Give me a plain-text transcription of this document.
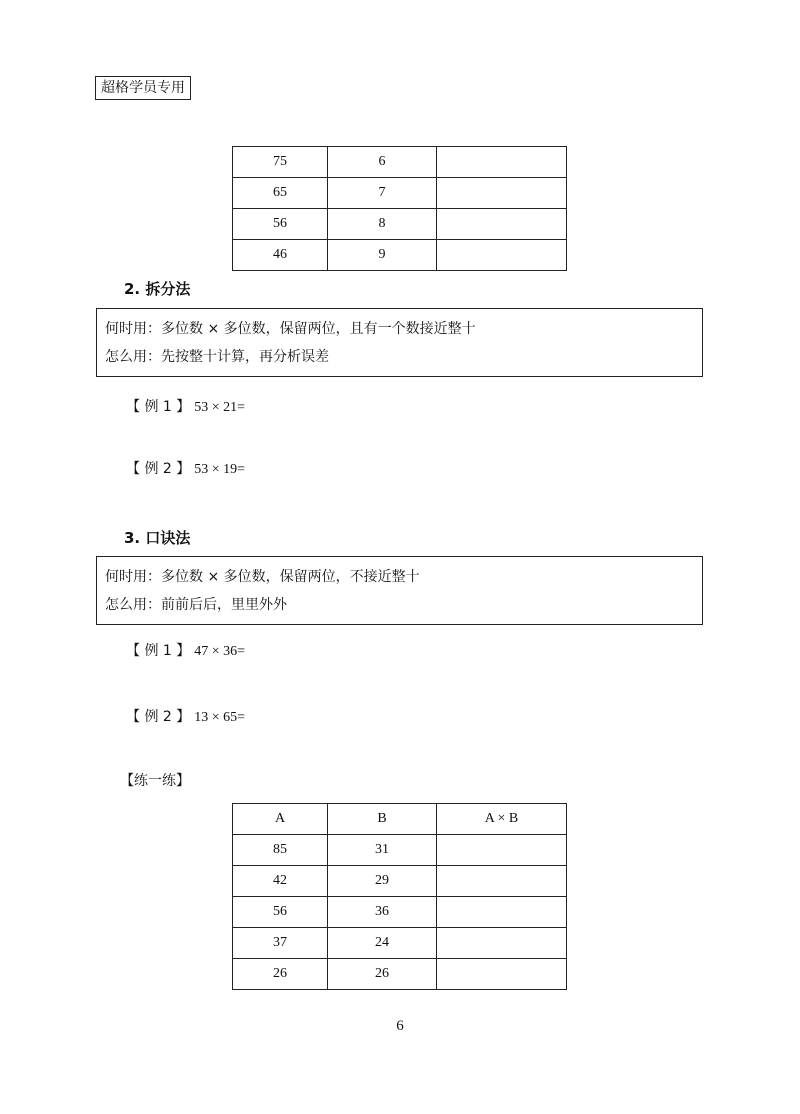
超格学员专用
75	6	
65	7	
56	8	
46	9	
2. 拆分法
何时用：多位数 × 多位数，保留两位，且有一个数接近整十
怎么用：先按整十计算，再分析误差
【 例 1 】 53 × 21=
【 例 2 】 53 × 19=
3. 口诀法
何时用：多位数 × 多位数，保留两位，不接近整十
怎么用：前前后后，里里外外
【 例 1 】 47 × 36=
【 例 2 】 13 × 65=
【练一练】
A	B	A × B
85	31	
42	29	
56	36	
37	24	
26	26	
6
